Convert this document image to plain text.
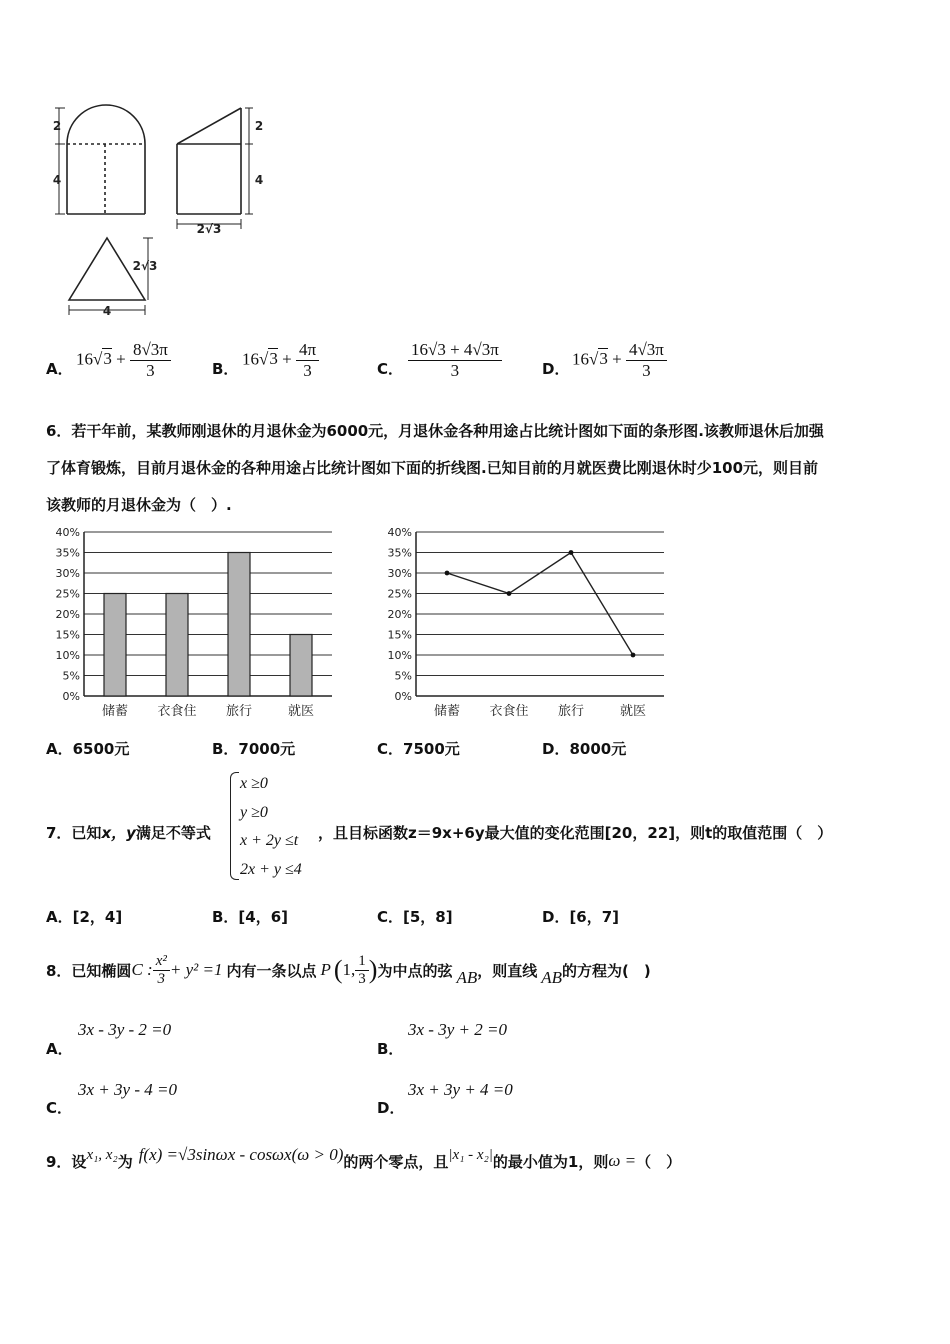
2
4
2
4
2√3
2√3
4
A．
$16√3 + \frac{8√3\pi}{3}$	B．
$16√3 + \frac{4\pi}{3}$	C． $\frac{16√3 + 4√3\pi}{3}$	D．
$16√3 + \frac{4√3\pi}{3}$
6．若干年前，某教师刚退休的月退休金为6000元，月退休金各种用途占比统计图如下面的条形图.该教师退休后加强
了体育锻炼，目前月退休金的各种用途占比统计图如下面的折线图.已知目前的月就医费比刚退休时少100元，则目前
该教师的月退休金为（　）.
0%
5%
10%
15%
20%
25%
30%
35%
40%
储蓄 衣食住 旅行	就医
0%
5%
10%
15%
20%
25%
30%
35%
40%
储蓄 衣食住 旅行	就医
A．6500元	B．7000元	C．7500元	D．8000元
7．已知x，y满足不等式
x ≥0
y ≥0
x + 2y ≤t
2x + y ≤4
，且目标函数z＝9x+6y最大值的变化范围[20，22]，则t的取值范围（　）
A．[2，4]	B．[4，6]	C．[5，8]	D．[6，7]
8．已知椭圆 C : $\frac{\text{x²}}{3} + y^2 =1$ 内有一条以点 P ( 1, $\frac{1}{3}$ ) 为中点的弦 AB ，则直线 AB 的方程为(　)
A．
3x - 3y - 2 =0
B．
3x - 3y + 2 =0
C．
3x + 3y - 4 =0
D．
3x + 3y + 4 =0
9．设 x₁, x₂ 为 f(x) =√3sinωx - cosωx(ω > 0) 的两个零点，且 |x₁ - x₂| 的最小值为1，则 ω = （　）
